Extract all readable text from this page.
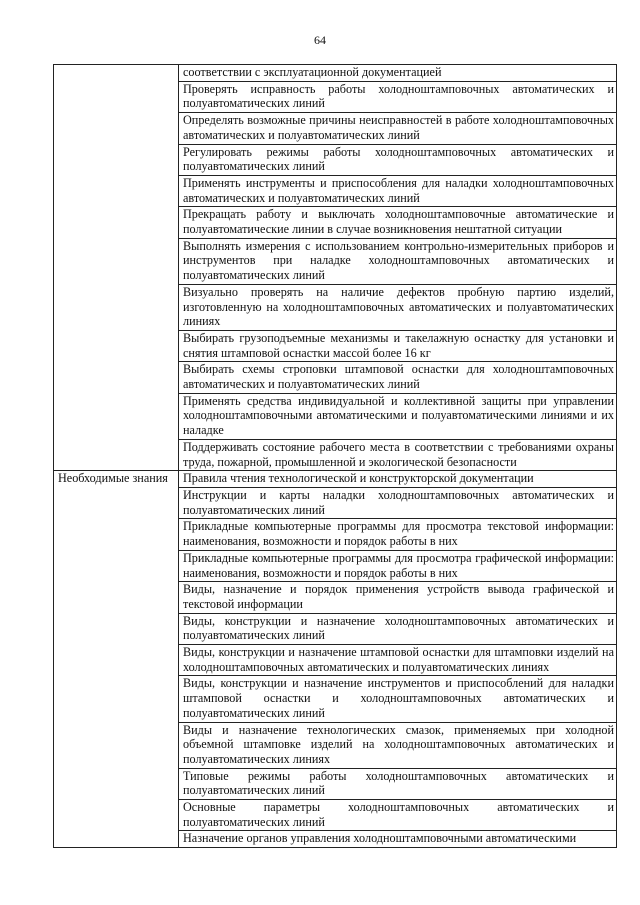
64
	соответствии с эксплуатационной документацией
	Проверять исправность работы холодноштамповочных автоматических и полуавтоматических линий
	Определять возможные причины неисправностей в работе холодноштамповочных автоматических и полуавтоматических линий
	Регулировать режимы работы холодноштамповочных автоматических и полуавтоматических линий
	Применять инструменты и приспособления для наладки холодноштамповочных автоматических и полуавтоматических линий
	Прекращать работу и выключать холодноштамповочные автоматические и полуавтоматические линии в случае возникновения нештатной ситуации
	Выполнять измерения с использованием контрольно-измерительных приборов и инструментов при наладке холодноштамповочных автоматических и полуавтоматических линий
	Визуально проверять на наличие дефектов пробную партию изделий, изготовленную на холодноштамповочных автоматических и полуавтоматических линиях
	Выбирать грузоподъемные механизмы и такелажную оснастку для установки и снятия штамповой оснастки массой более 16 кг
	Выбирать схемы строповки штамповой оснастки для холодноштамповочных автоматических и полуавтоматических линий
	Применять средства индивидуальной и коллективной защиты при управлении холодноштамповочными автоматическими и полуавтоматическими линиями и их наладке
	Поддерживать состояние рабочего места в соответствии с требованиями охраны труда, пожарной, промышленной и экологической безопасности
Необходимые знания	Правила чтения технологической и конструкторской документации
	Инструкции и карты наладки холодноштамповочных автоматических и полуавтоматических линий
	Прикладные компьютерные программы для просмотра текстовой информации: наименования, возможности и порядок работы в них
	Прикладные компьютерные программы для просмотра графической информации: наименования, возможности и порядок работы в них
	Виды, назначение и порядок применения устройств вывода графической и текстовой информации
	Виды, конструкции и назначение холодноштамповочных автоматических и полуавтоматических линий
	Виды, конструкции и назначение штамповой оснастки для штамповки изделий на холодноштамповочных автоматических и полуавтоматических линиях
	Виды, конструкции и назначение инструментов и приспособлений для наладки штамповой оснастки и холодноштамповочных автоматических и полуавтоматических линий
	Виды и назначение технологических смазок, применяемых при холодной объемной штамповке изделий на холодноштамповочных автоматических и полуавтоматических линиях
	Типовые режимы работы холодноштамповочных автоматических и полуавтоматических линий
	Основные параметры холодноштамповочных автоматических и полуавтоматических линий
	Назначение органов управления холодноштамповочными автоматическими
